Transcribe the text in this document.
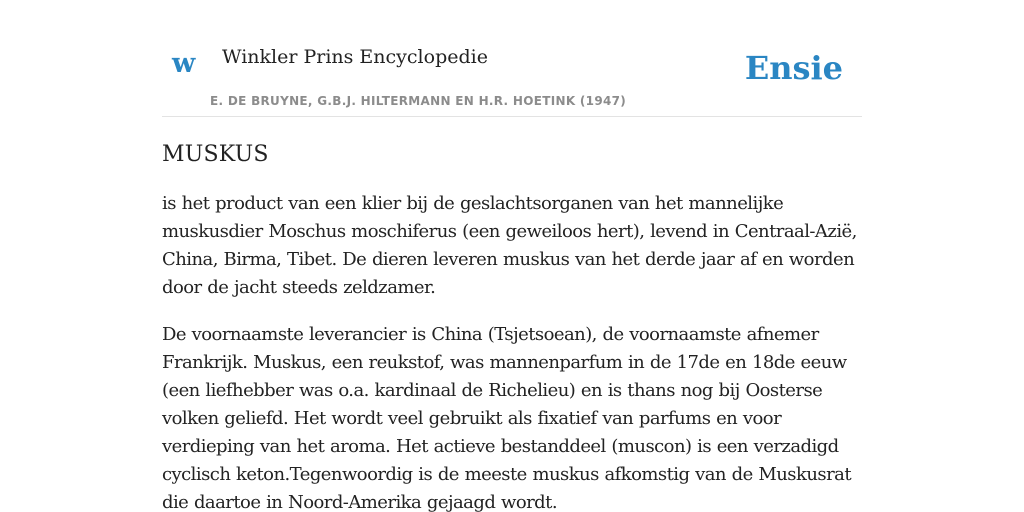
w Winkler Prins Encyclopedie
E. DE BRUYNE, G.B.J. HILTERMANN EN H.R. HOETINK (1947)
Ensie
MUSKUS

is het product van een klier bij de geslachtsorganen van het mannelijke muskusdier Moschus moschiferus (een geweiloos hert), levend in Centraal-Azië, China, Birma, Tibet. De dieren leveren muskus van het derde jaar af en worden door de jacht steeds zeldzamer.

De voornaamste leverancier is China (Tsjetsoean), de voornaamste afnemer Frankrijk. Muskus, een reukstof, was mannenparfum in de 17de en 18de eeuw (een liefhebber was o.a. kardinaal de Richelieu) en is thans nog bij Oosterse volken geliefd. Het wordt veel gebruikt als fixatief van parfums en voor verdieping van het aroma. Het actieve bestanddeel (muscon) is een verzadigd cyclisch keton.Tegenwoordig is de meeste muskus afkomstig van de Muskusrat die daartoe in Noord-Amerika gejaagd wordt.
